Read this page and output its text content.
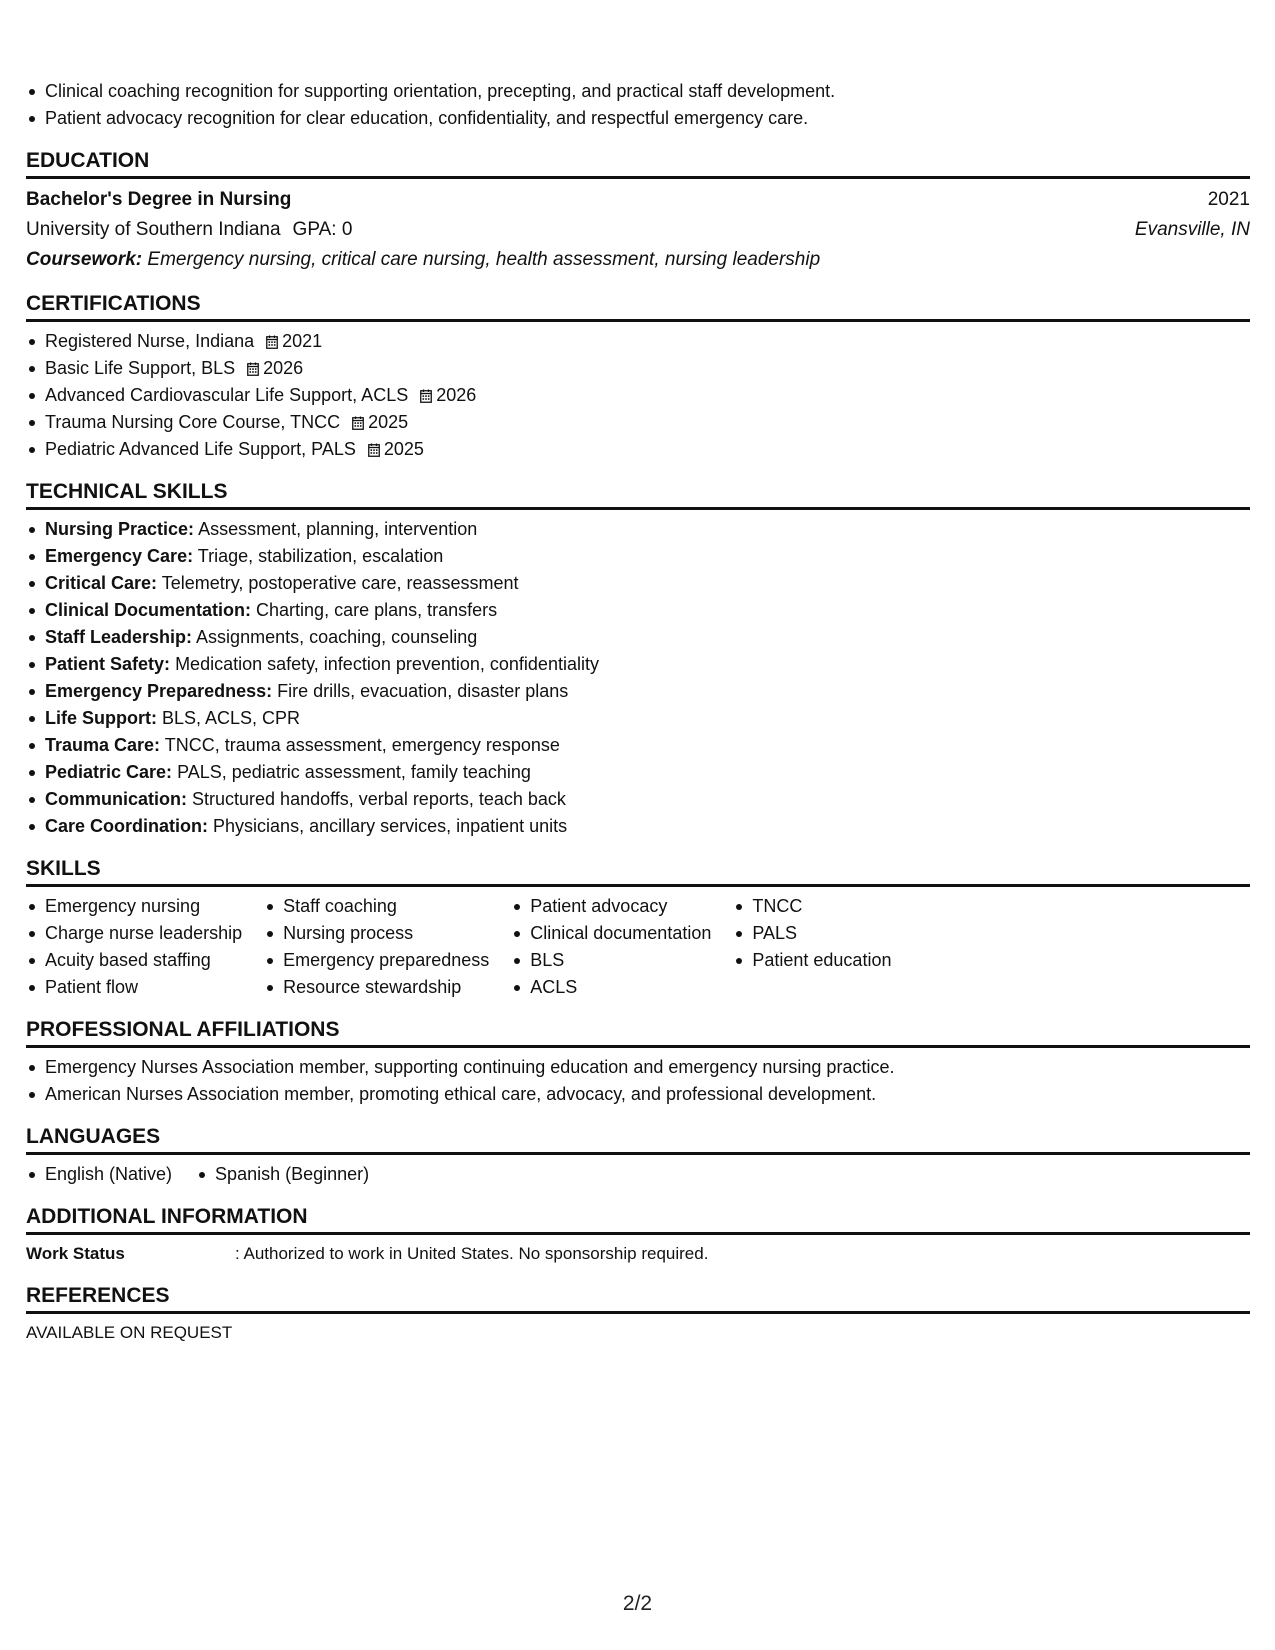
Clinical coaching recognition for supporting orientation, precepting, and practical staff development.
Patient advocacy recognition for clear education, confidentiality, and respectful emergency care.
EDUCATION
Bachelor's Degree in Nursing	2021
University of Southern Indiana GPA: 0	Evansville, IN
Coursework: Emergency nursing, critical care nursing, health assessment, nursing leadership
CERTIFICATIONS
Registered Nurse, Indiana 2021
Basic Life Support, BLS 2026
Advanced Cardiovascular Life Support, ACLS 2026
Trauma Nursing Core Course, TNCC 2025
Pediatric Advanced Life Support, PALS 2025
TECHNICAL SKILLS
Nursing Practice: Assessment, planning, intervention
Emergency Care: Triage, stabilization, escalation
Critical Care: Telemetry, postoperative care, reassessment
Clinical Documentation: Charting, care plans, transfers
Staff Leadership: Assignments, coaching, counseling
Patient Safety: Medication safety, infection prevention, confidentiality
Emergency Preparedness: Fire drills, evacuation, disaster plans
Life Support: BLS, ACLS, CPR
Trauma Care: TNCC, trauma assessment, emergency response
Pediatric Care: PALS, pediatric assessment, family teaching
Communication: Structured handoffs, verbal reports, teach back
Care Coordination: Physicians, ancillary services, inpatient units
SKILLS
Emergency nursing
Charge nurse leadership
Acuity based staffing
Patient flow
Staff coaching
Nursing process
Emergency preparedness
Resource stewardship
Patient advocacy
Clinical documentation
BLS
ACLS
TNCC
PALS
Patient education
PROFESSIONAL AFFILIATIONS
Emergency Nurses Association member, supporting continuing education and emergency nursing practice.
American Nurses Association member, promoting ethical care, advocacy, and professional development.
LANGUAGES
English (Native)	Spanish (Beginner)
ADDITIONAL INFORMATION
Work Status	: Authorized to work in United States. No sponsorship required.
REFERENCES
AVAILABLE ON REQUEST
2/2
